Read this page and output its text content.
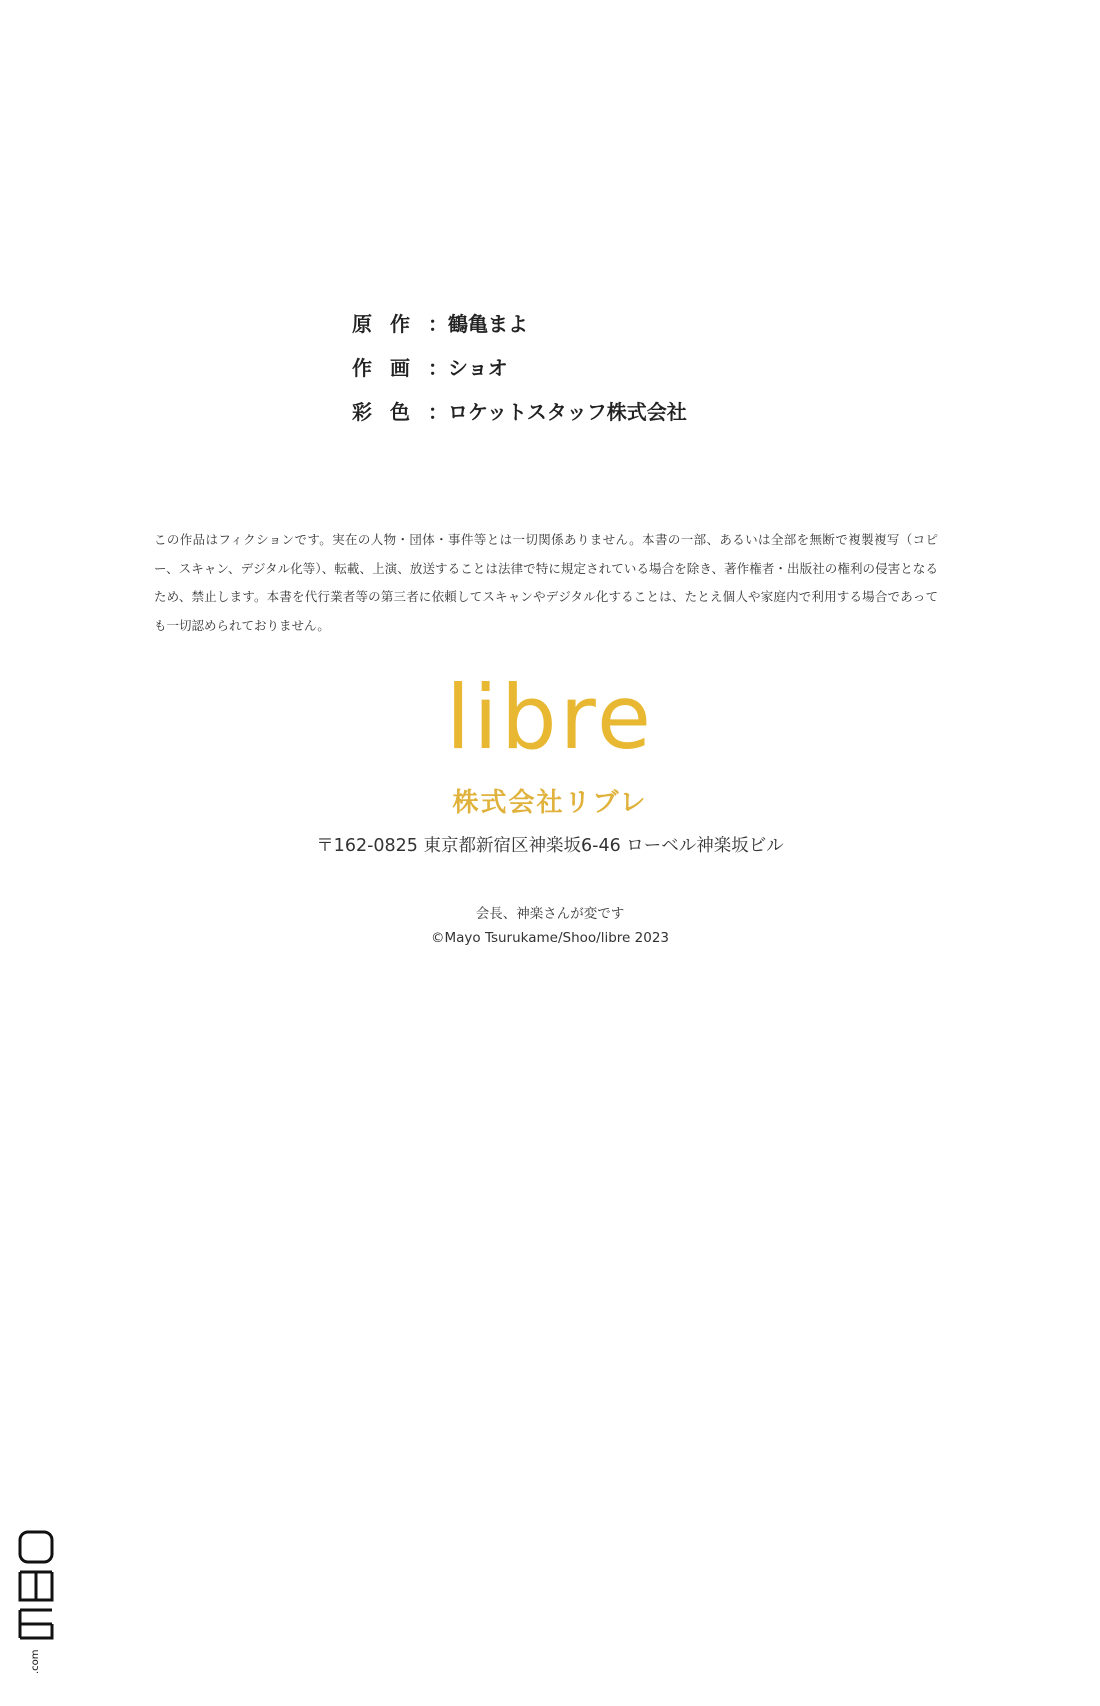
原作 ： 鶴亀まよ
作画 ： ショオ
彩色 ： ロケットスタッフ株式会社
この作品はフィクションです。実在の人物・団体・事件等とは一切関係ありません。本書の一部、あるいは全部を無断で複製複写（コピー、スキャン、デジタル化等）、転載、上演、放送することは法律で特に規定されている場合を除き、著作権者・出版社の権利の侵害となるため、禁止します。本書を代行業者等の第三者に依頼してスキャンやデジタル化することは、たとえ個人や家庭内で利用する場合であっても一切認められておりません。
libre
株式会社リブレ
〒162-0825 東京都新宿区神楽坂6-46 ローベル神楽坂ビル
会長、神楽さんが変です
©Mayo Tsurukame/Shoo/libre 2023
.com
